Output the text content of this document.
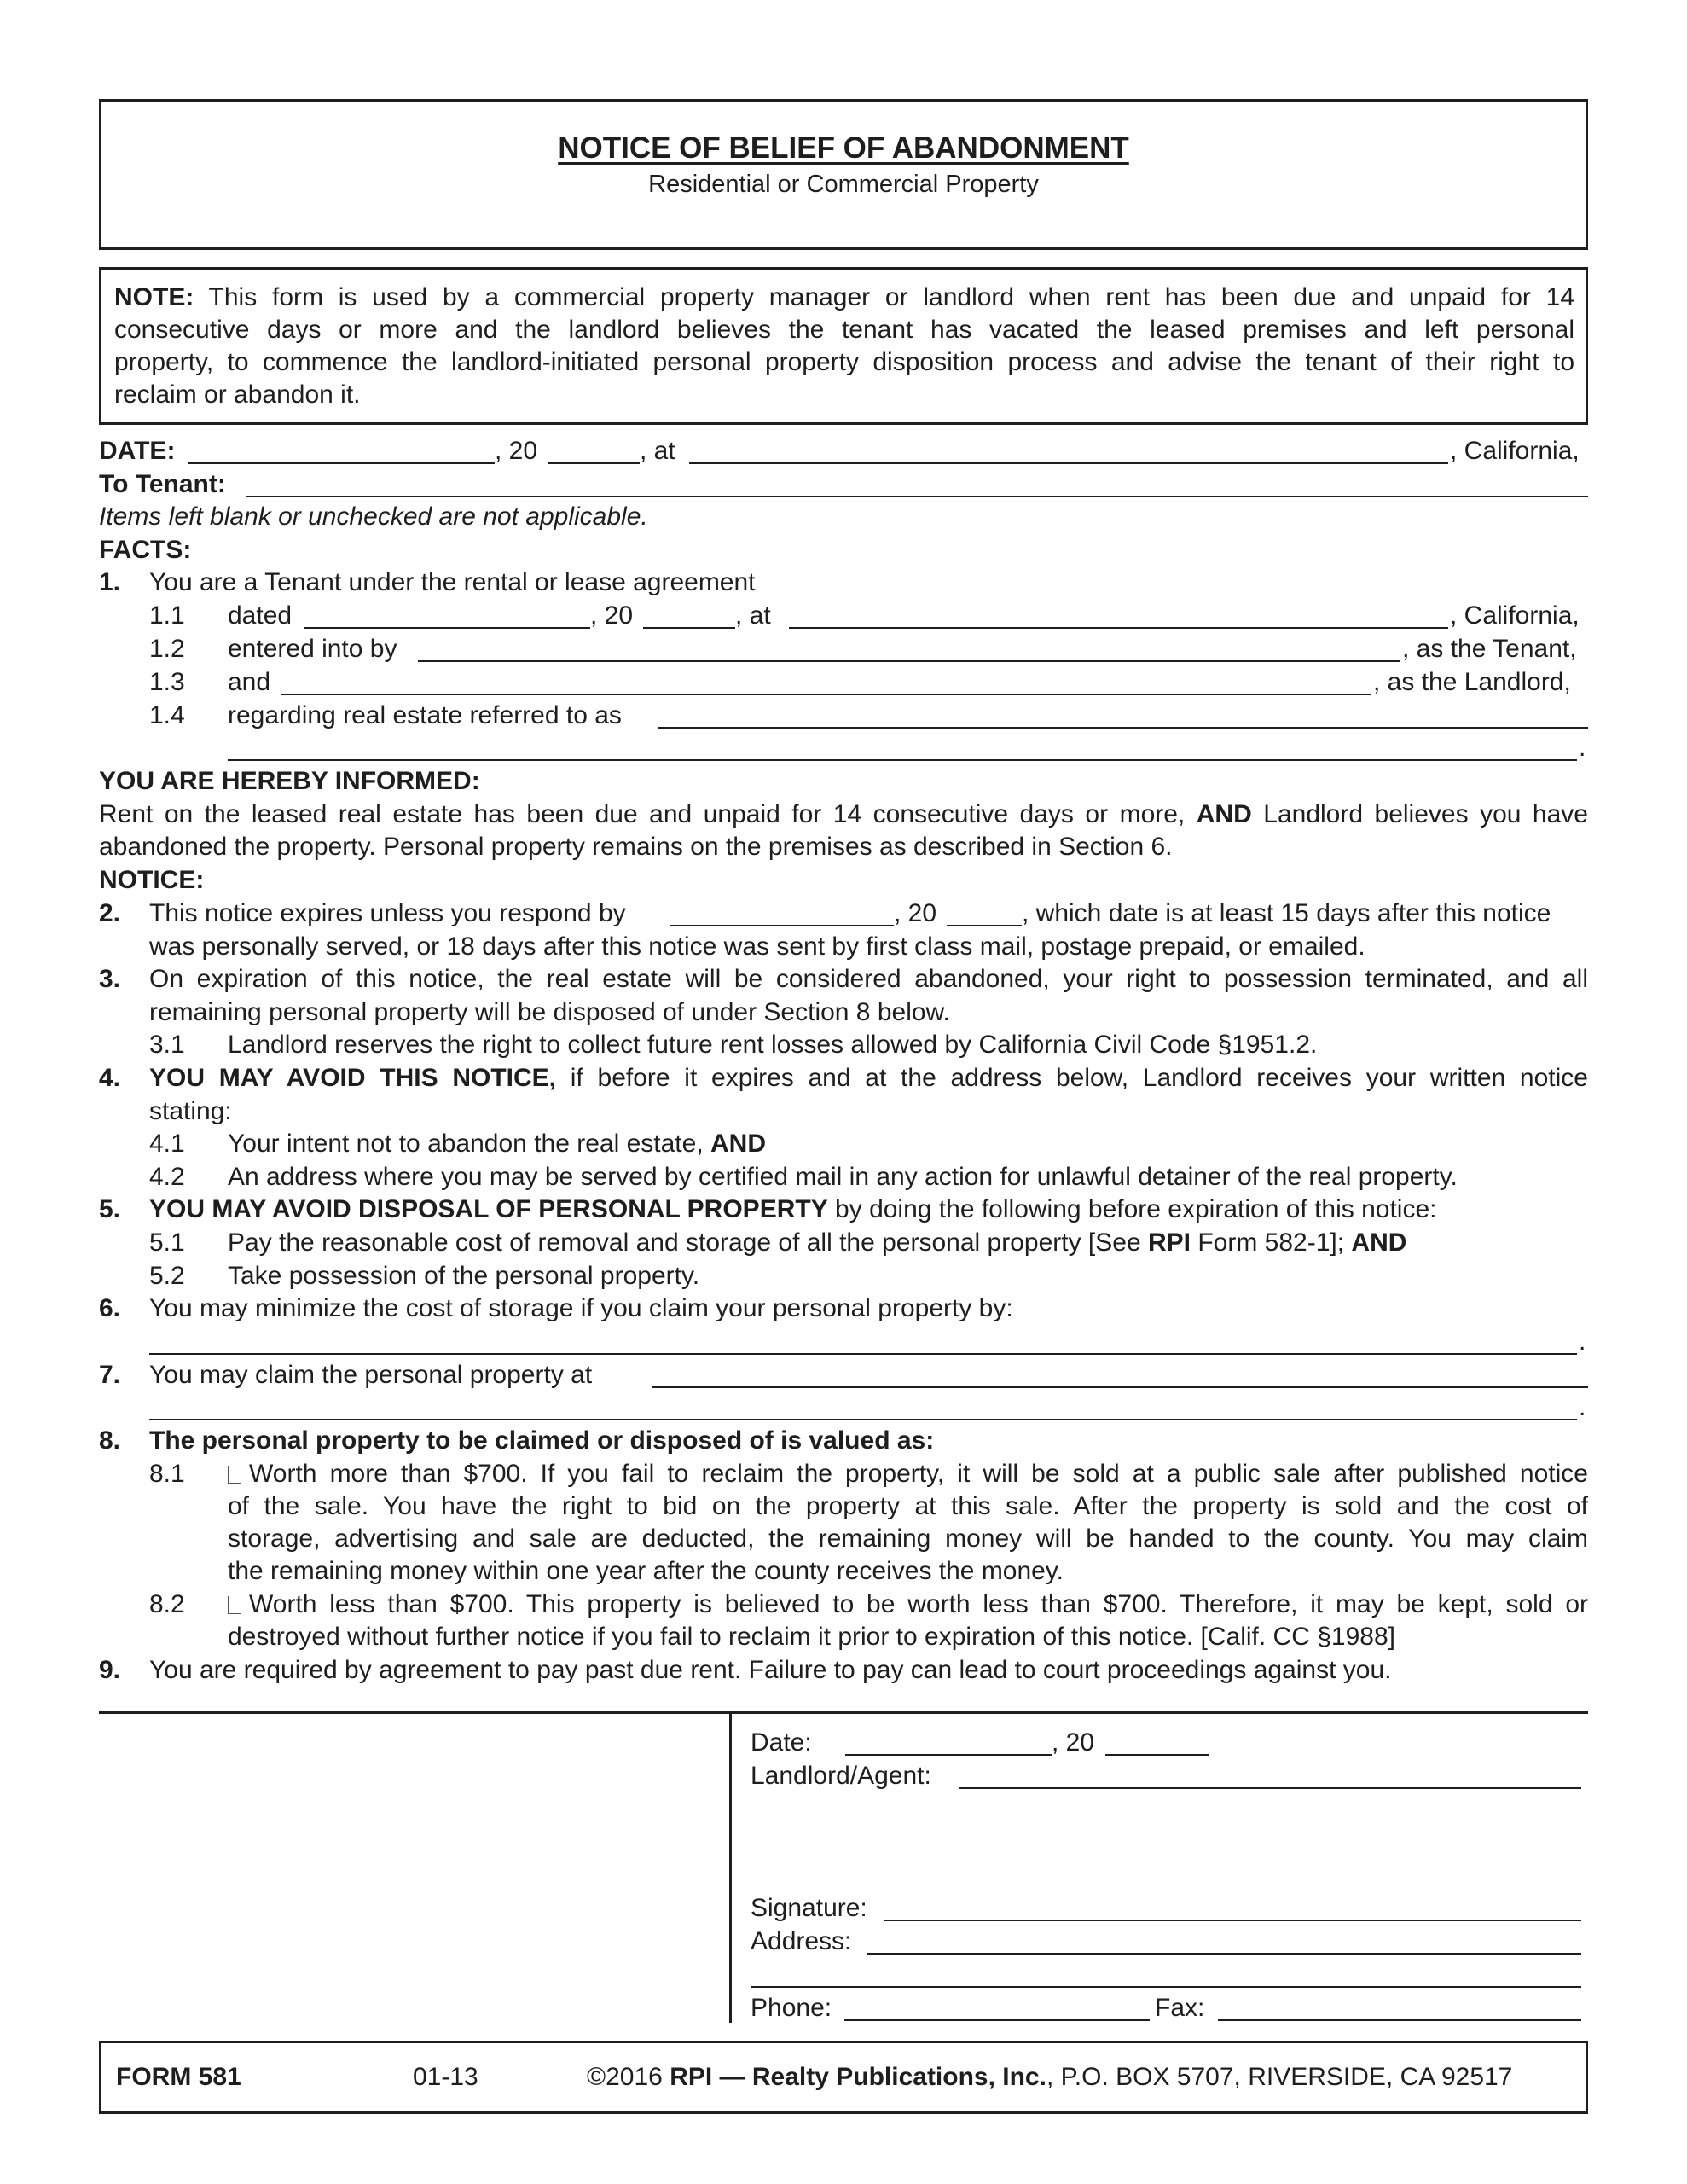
NOTICE OF BELIEF OF ABANDONMENT
Residential or Commercial Property
NOTE: This form is used by a commercial property manager or landlord when rent has been due and unpaid for 14
consecutive days or more and the landlord believes the tenant has vacated the leased premises and left personal
property, to commence the landlord-initiated personal property disposition process and advise the tenant of their right to
reclaim or abandon it.
DATE:	, 20	, at	, California,
To Tenant:
Items left blank or unchecked are not applicable.
FACTS:
1. You are a Tenant under the rental or lease agreement
1.1 dated	, 20	, at	, California,
1.2 entered into by	, as the Tenant,
1.3 and	, as the Landlord,
1.4 regarding real estate referred to as
.
YOU ARE HEREBY INFORMED:
Rent on the leased real estate has been due and unpaid for 14 consecutive days or more, AND Landlord believes you have
abandoned the property. Personal property remains on the premises as described in Section 6.
NOTICE:
2. This notice expires unless you respond by	, 20	, which date is at least 15 days after this notice
was personally served, or 18 days after this notice was sent by first class mail, postage prepaid, or emailed.
3. On expiration of this notice, the real estate will be considered abandoned, your right to possession terminated, and all
remaining personal property will be disposed of under Section 8 below.
3.1 Landlord reserves the right to collect future rent losses allowed by California Civil Code §1951.2.
4. YOU MAY AVOID THIS NOTICE, if before it expires and at the address below, Landlord receives your written notice
stating:
4.1 Your intent not to abandon the real estate, AND
4.2 An address where you may be served by certified mail in any action for unlawful detainer of the real property.
5. YOU MAY AVOID DISPOSAL OF PERSONAL PROPERTY by doing the following before expiration of this notice:
5.1 Pay the reasonable cost of removal and storage of all the personal property [See RPI Form 582-1]; AND
5.2 Take possession of the personal property.
6. You may minimize the cost of storage if you claim your personal property by:
.
7. You may claim the personal property at
.
8. The personal property to be claimed or disposed of is valued as:
8.1	Worth more than $700. If you fail to reclaim the property, it will be sold at a public sale after published notice
of the sale. You have the right to bid on the property at this sale. After the property is sold and the cost of
storage, advertising and sale are deducted, the remaining money will be handed to the county. You may claim
the remaining money within one year after the county receives the money.
8.2	Worth less than $700. This property is believed to be worth less than $700. Therefore, it may be kept, sold or
destroyed without further notice if you fail to reclaim it prior to expiration of this notice. [Calif. CC §1988]
9. You are required by agreement to pay past due rent. Failure to pay can lead to court proceedings against you.
Date:	, 20
Landlord/Agent:
Signature:
Address:
Phone:	Fax:
FORM 581	01-13	©2016 RPI — Realty Publications, Inc., P.O. BOX 5707, RIVERSIDE, CA 92517
